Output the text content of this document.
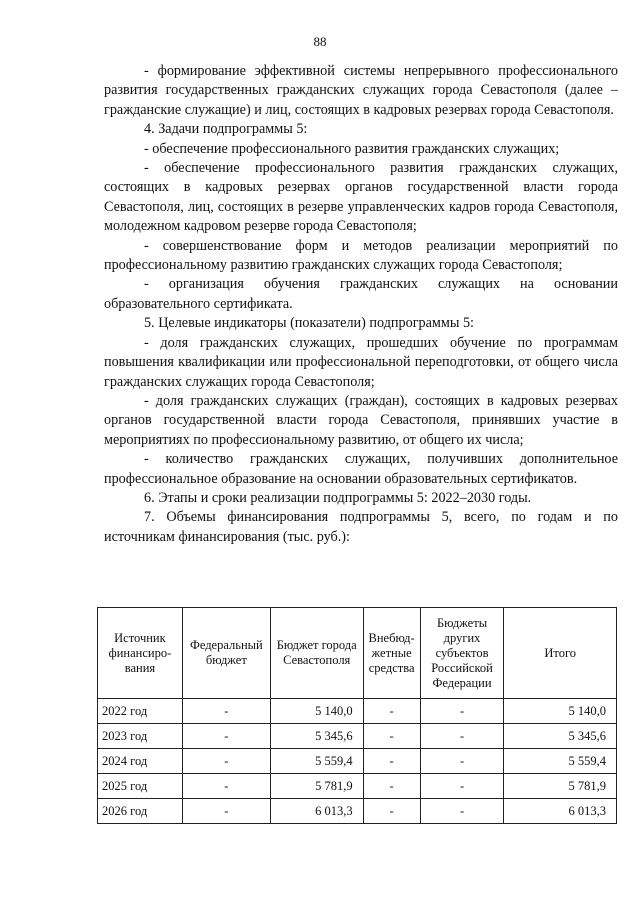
88

- формирование эффективной системы непрерывного профессионального развития государственных гражданских служащих города Севастополя (далее – гражданские служащие) и лиц, состоящих в кадровых резервах города Севастополя.

4. Задачи подпрограммы 5:

- обеспечение профессионального развития гражданских служащих;

- обеспечение профессионального развития гражданских служащих, состоящих в кадровых резервах органов государственной власти города Севастополя, лиц, состоящих в резерве управленческих кадров города Севастополя, молодежном кадровом резерве города Севастополя;

- совершенствование форм и методов реализации мероприятий по профессиональному развитию гражданских служащих города Севастополя;

- организация обучения гражданских служащих на основании образовательного сертификата.

5. Целевые индикаторы (показатели) подпрограммы 5:

- доля гражданских служащих, прошедших обучение по программам повышения квалификации или профессиональной переподготовки, от общего числа гражданских служащих города Севастополя;

- доля гражданских служащих (граждан), состоящих в кадровых резервах органов государственной власти города Севастополя, принявших участие в мероприятиях по профессиональному развитию, от общего их числа;

- количество гражданских служащих, получивших дополнительное профессиональное образование на основании образовательных сертификатов.

6. Этапы и сроки реализации подпрограммы 5: 2022–2030 годы.

7. Объемы финансирования подпрограммы 5, всего, по годам и по источникам финансирования (тыс. руб.):

Источник финансиро-вания	Федеральный бюджет	Бюджет города Севастополя	Внебюд-жетные средства	Бюджеты других субъектов Российской Федерации	Итого
2022 год	-	5 140,0	-	-	5 140,0
2023 год	-	5 345,6	-	-	5 345,6
2024 год	-	5 559,4	-	-	5 559,4
2025 год	-	5 781,9	-	-	5 781,9
2026 год	-	6 013,3	-	-	6 013,3
